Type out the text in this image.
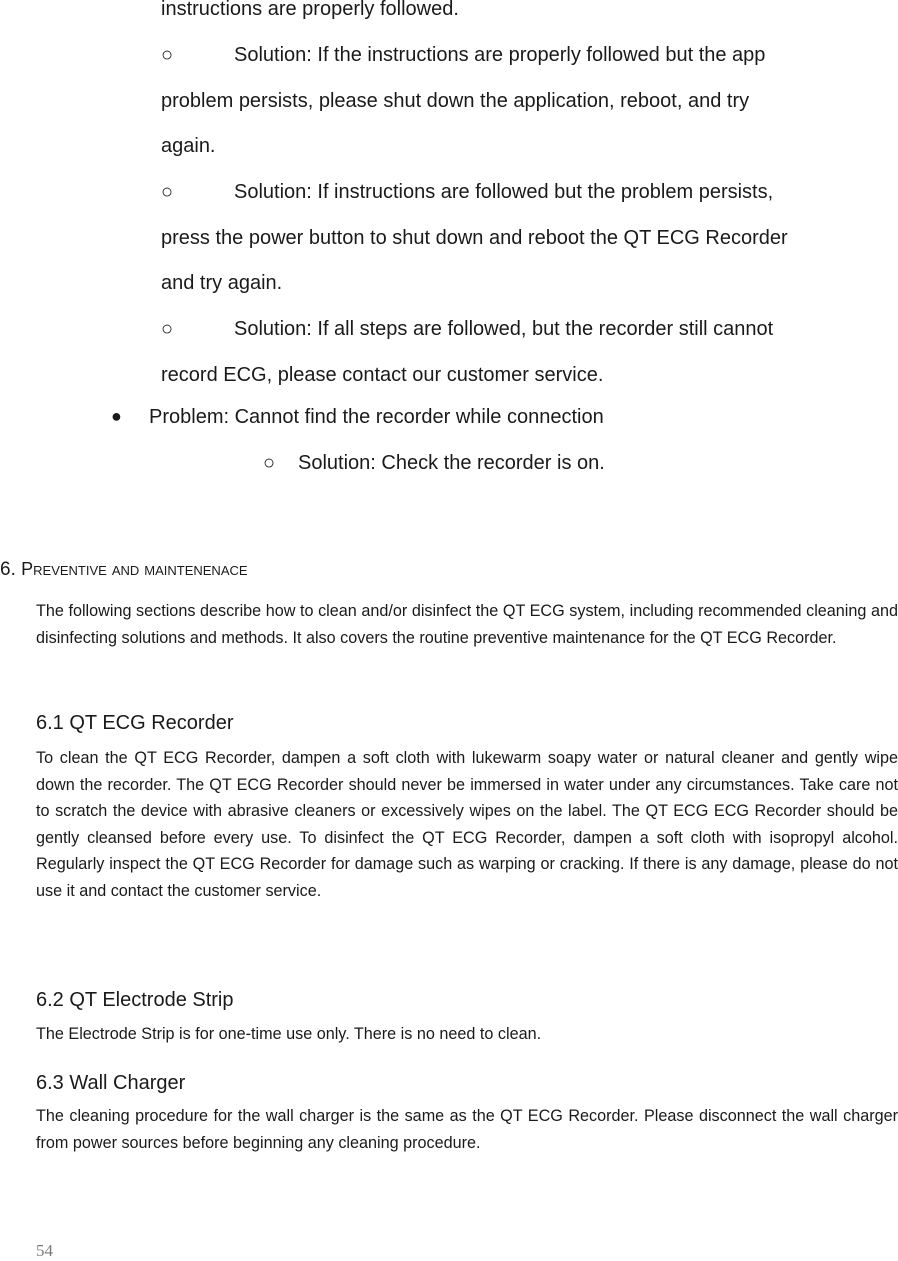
instructions are properly followed.
○	Solution: If the instructions are properly followed but the app
problem persists, please shut down the application, reboot, and try
again.
○	Solution: If instructions are followed but the problem persists,
press the power button to shut down and reboot the QT ECG Recorder
and try again.
○	Solution: If all steps are followed, but the recorder still cannot
record ECG, please contact our customer service.
● Problem: Cannot find the recorder while connection
○ Solution: Check the recorder is on.
6. Preventive and maintenenace
The following sections describe how to clean and/or disinfect the QT ECG system, including recommended cleaning and disinfecting solutions and methods. It also covers the routine preventive maintenance for the QT ECG Recorder.
6.1 QT ECG Recorder
To clean the QT ECG Recorder, dampen a soft cloth with lukewarm soapy water or natural cleaner and gently wipe down the recorder. The QT ECG Recorder should never be immersed in water under any circumstances. Take care not to scratch the device with abrasive cleaners or excessively wipes on the label. The QT ECG ECG Recorder should be gently cleansed before every use. To disinfect the QT ECG Recorder, dampen a soft cloth with isopropyl alcohol. Regularly inspect the QT ECG Recorder for damage such as warping or cracking. If there is any damage, please do not use it and contact the customer service.
6.2 QT Electrode Strip
The Electrode Strip is for one-time use only. There is no need to clean.
6.3 Wall Charger
The cleaning procedure for the wall charger is the same as the QT ECG Recorder. Please disconnect the wall charger from power sources before beginning any cleaning procedure.
54
